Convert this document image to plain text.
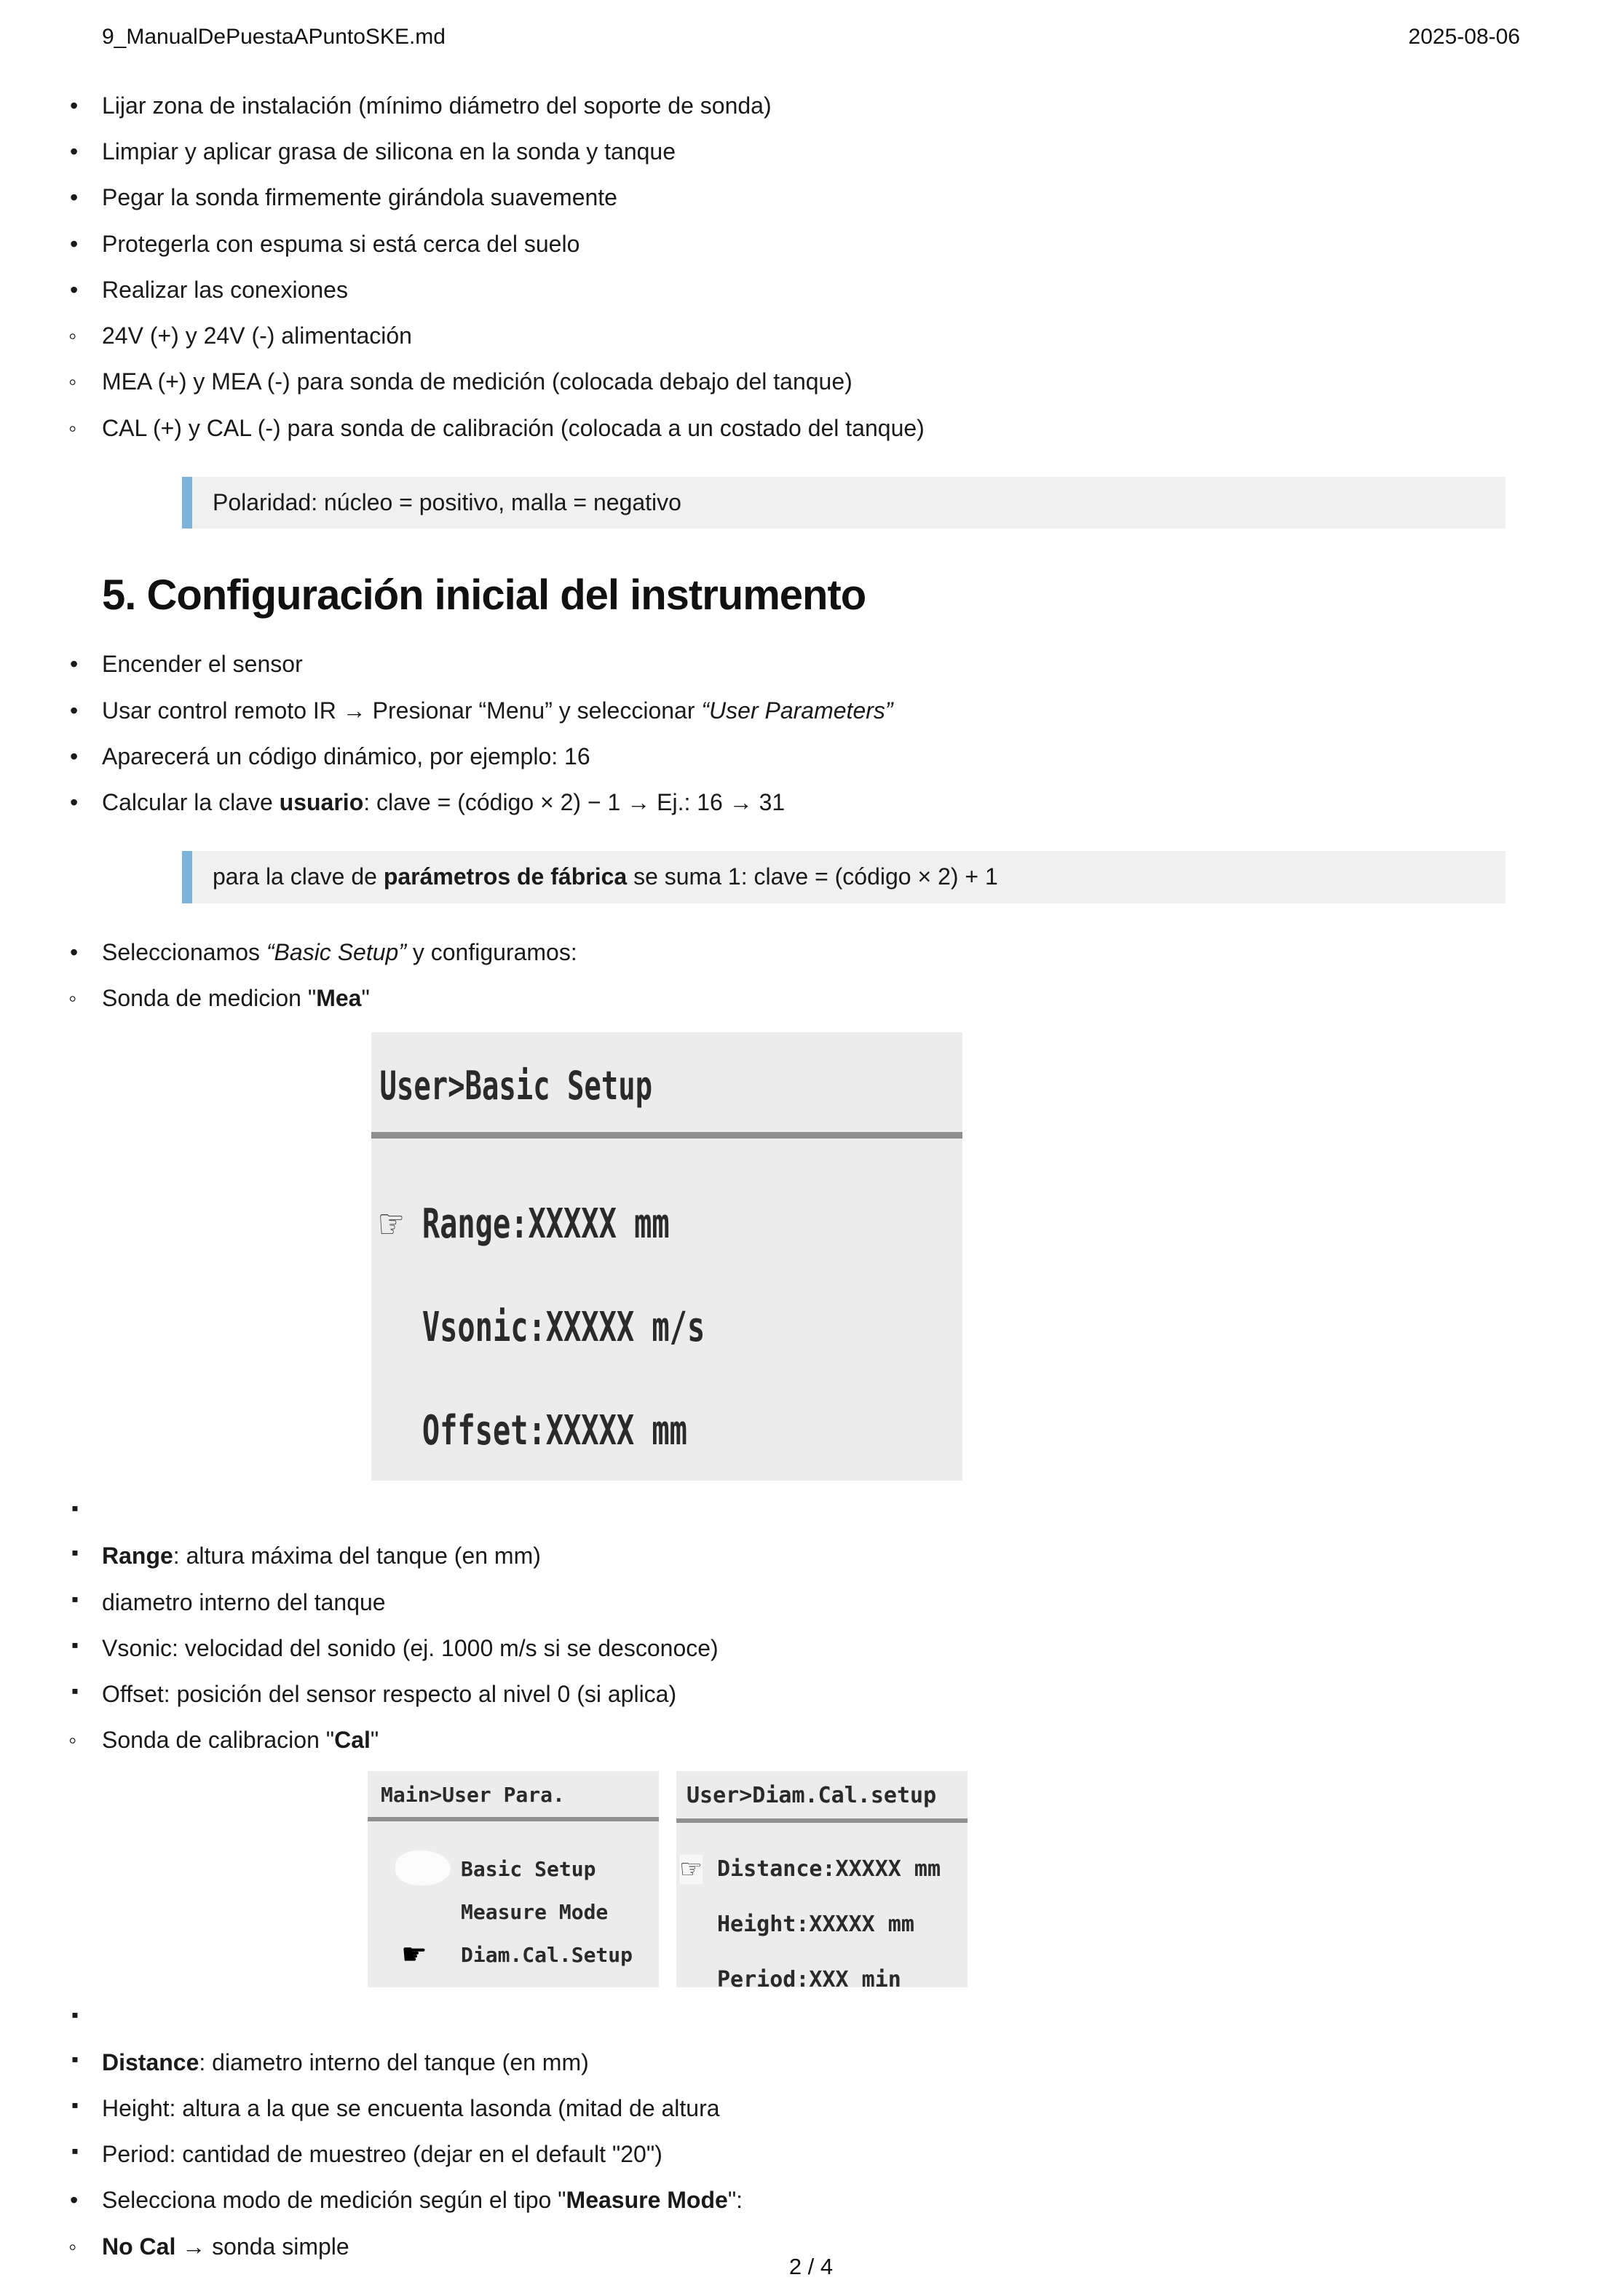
9_ManualDePuestaAPuntoSKE.md	2025-08-06
• Lijar zona de instalación (mínimo diámetro del soporte de sonda)
• Limpiar y aplicar grasa de silicona en la sonda y tanque
• Pegar la sonda firmemente girándola suavemente
• Protegerla con espuma si está cerca del suelo
• Realizar las conexiones
◦ 24V (+) y 24V (-) alimentación
◦ MEA (+) y MEA (-) para sonda de medición (colocada debajo del tanque)
◦ CAL (+) y CAL (-) para sonda de calibración (colocada a un costado del tanque)
Polaridad: núcleo = positivo, malla = negativo
5. Configuración inicial del instrumento
• Encender el sensor
• Usar control remoto IR → Presionar “Menu” y seleccionar “User Parameters”
• Aparecerá un código dinámico, por ejemplo: 16
• Calcular la clave usuario: clave = (código × 2) − 1 → Ej.: 16 → 31
para la clave de parámetros de fábrica se suma 1: clave = (código × 2) + 1
• Seleccionamos “Basic Setup” y configuramos:
◦ Sonda de medicion "Mea"
User>Basic Setup
☞ Range:XXXXX mm
Vsonic:XXXXX m/s
Offset:XXXXX mm
▪
▪ Range: altura máxima del tanque (en mm)
▪ diametro interno del tanque
▪ Vsonic: velocidad del sonido (ej. 1000 m/s si se desconoce)
▪ Offset: posición del sensor respecto al nivel 0 (si aplica)
◦ Sonda de calibracion "Cal"
Main>User Para.
Basic Setup
Measure Mode
☛ Diam.Cal.Setup
User>Diam.Cal.setup
☞ Distance:XXXXX mm
Height:XXXXX mm
Period:XXX min
▪
▪ Distance: diametro interno del tanque (en mm)
▪ Height: altura a la que se encuenta lasonda (mitad de altura
▪ Period: cantidad de muestreo (dejar en el default "20")
• Selecciona modo de medición según el tipo "Measure Mode":
◦ No Cal → sonda simple
2 / 4
